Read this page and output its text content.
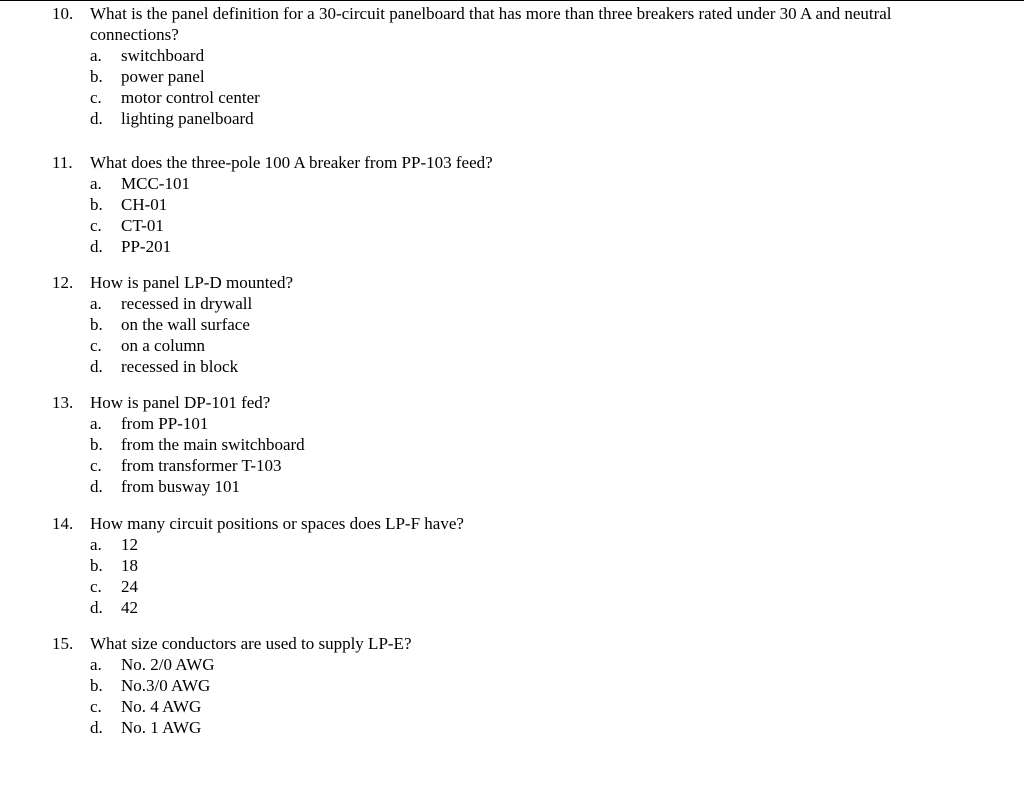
10. What is the panel definition for a 30-circuit panelboard that has more than three breakers rated under 30 A and neutral connections?
a. switchboard
b. power panel
c. motor control center
d. lighting panelboard
11. What does the three-pole 100 A breaker from PP-103 feed?
a. MCC-101
b. CH-01
c. CT-01
d. PP-201
12. How is panel LP-D mounted?
a. recessed in drywall
b. on the wall surface
c. on a column
d. recessed in block
13. How is panel DP-101 fed?
a. from PP-101
b. from the main switchboard
c. from transformer T-103
d. from busway 101
14. How many circuit positions or spaces does LP-F have?
a. 12
b. 18
c. 24
d. 42
15. What size conductors are used to supply LP-E?
a. No. 2/0 AWG
b. No.3/0 AWG
c. No. 4 AWG
d. No. 1 AWG
